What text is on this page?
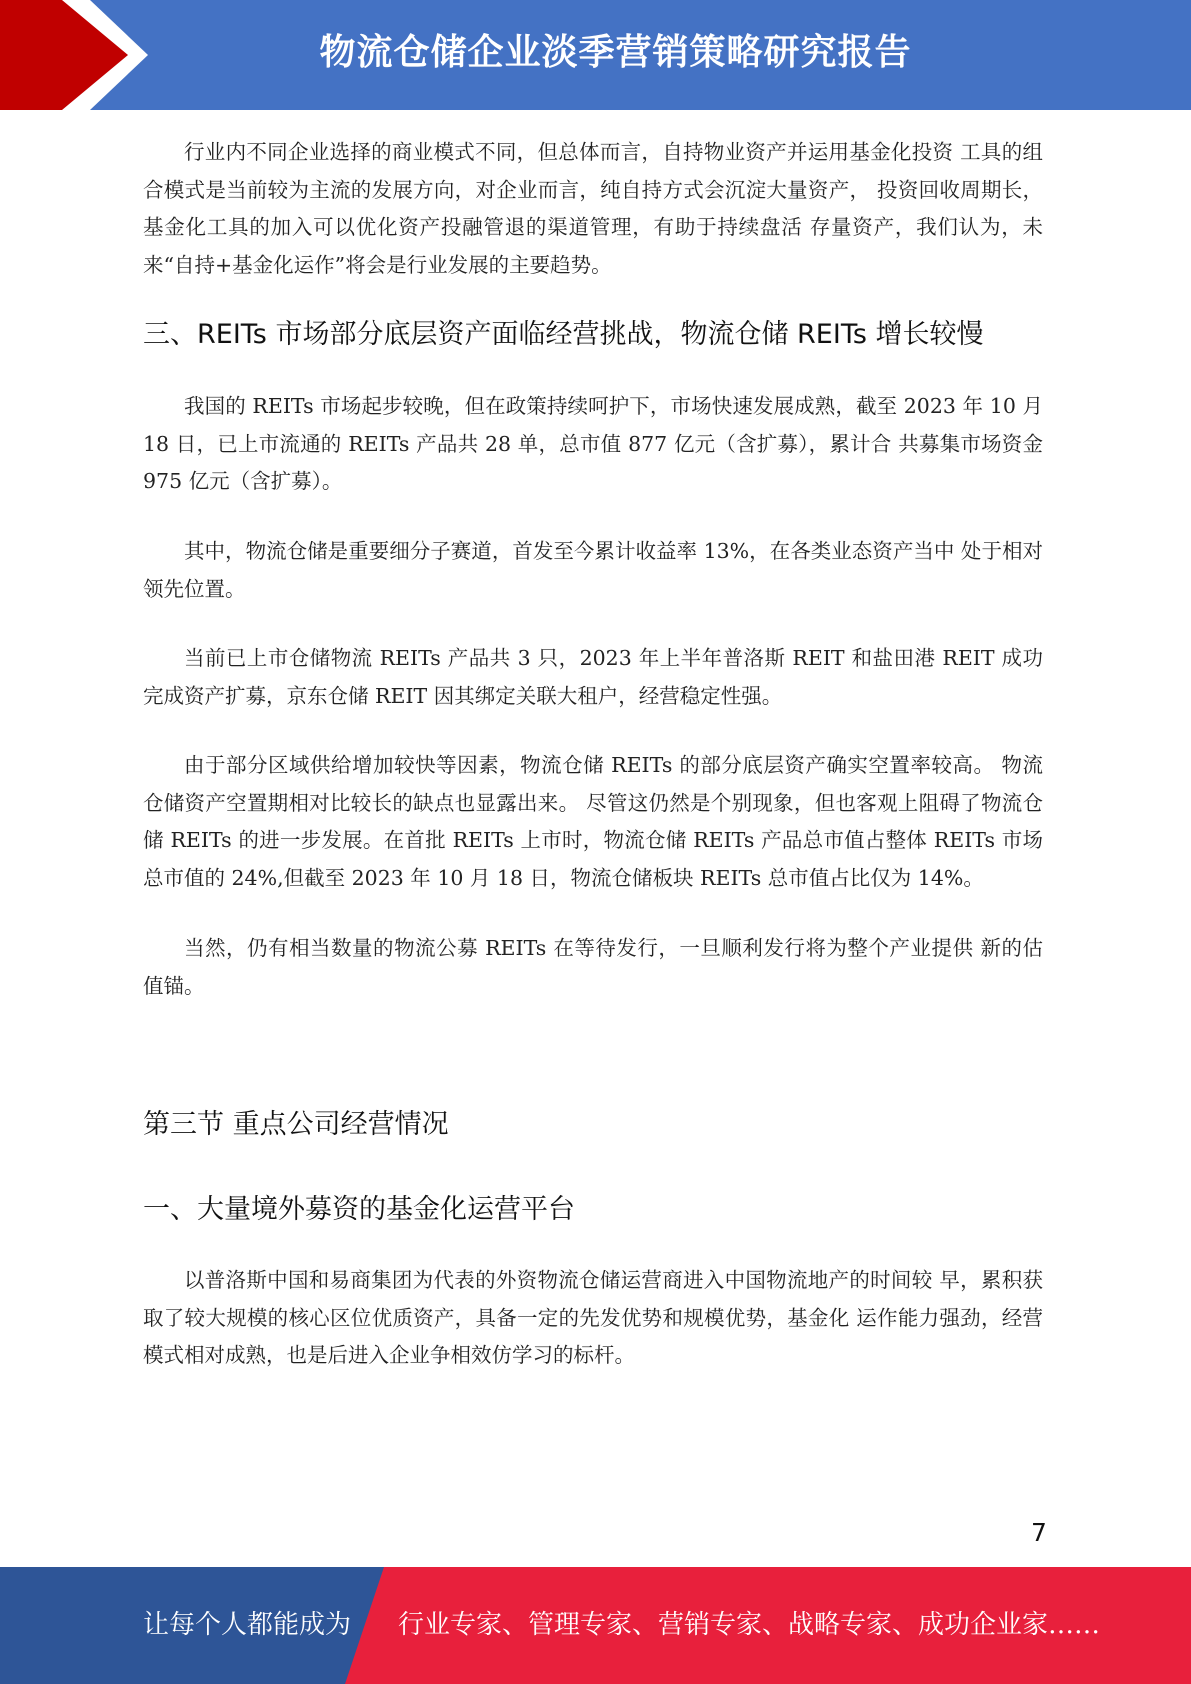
物流仓储企业淡季营销策略研究报告

行业内不同企业选择的商业模式不同，但总体而言，自持物业资产并运用基金化投资 工具的组合模式是当前较为主流的发展方向，对企业而言，纯自持方式会沉淀大量资产， 投资回收周期长，基金化工具的加入可以优化资产投融管退的渠道管理，有助于持续盘活 存量资产，我们认为，未来“自持+基金化运作”将会是行业发展的主要趋势。

三、REITs 市场部分底层资产面临经营挑战，物流仓储 REITs 增长较慢

我国的 REITs 市场起步较晚，但在政策持续呵护下，市场快速发展成熟，截至 2023 年 10 月 18 日，已上市流通的 REITs 产品共 28 单，总市值 877 亿元（含扩募），累计合 共募集市场资金 975 亿元（含扩募）。

其中，物流仓储是重要细分子赛道，首发至今累计收益率 13%，在各类业态资产当中 处于相对领先位置。

当前已上市仓储物流 REITs 产品共 3 只，2023 年上半年普洛斯 REIT 和盐田港 REIT 成功完成资产扩募，京东仓储 REIT 因其绑定关联大租户，经营稳定性强。

由于部分区域供给增加较快等因素，物流仓储 REITs 的部分底层资产确实空置率较高。 物流仓储资产空置期相对比较长的缺点也显露出来。 尽管这仍然是个别现象，但也客观上阻碍了物流仓储 REITs 的进一步发展。在首批 REITs 上市时，物流仓储 REITs 产品总市值占整体 REITs 市场总市值的 24%,但截至 2023 年 10 月 18 日，物流仓储板块 REITs 总市值占比仅为 14%。

当然，仍有相当数量的物流公募 REITs 在等待发行，一旦顺利发行将为整个产业提供 新的估值锚。

第三节 重点公司经营情况
一、大量境外募资的基金化运营平台

以普洛斯中国和易商集团为代表的外资物流仓储运营商进入中国物流地产的时间较 早，累积获取了较大规模的核心区位优质资产，具备一定的先发优势和规模优势，基金化 运作能力强劲，经营模式相对成熟，也是后进入企业争相效仿学习的标杆。

7
让每个人都能成为 行业专家、管理专家、营销专家、战略专家、成功企业家……
